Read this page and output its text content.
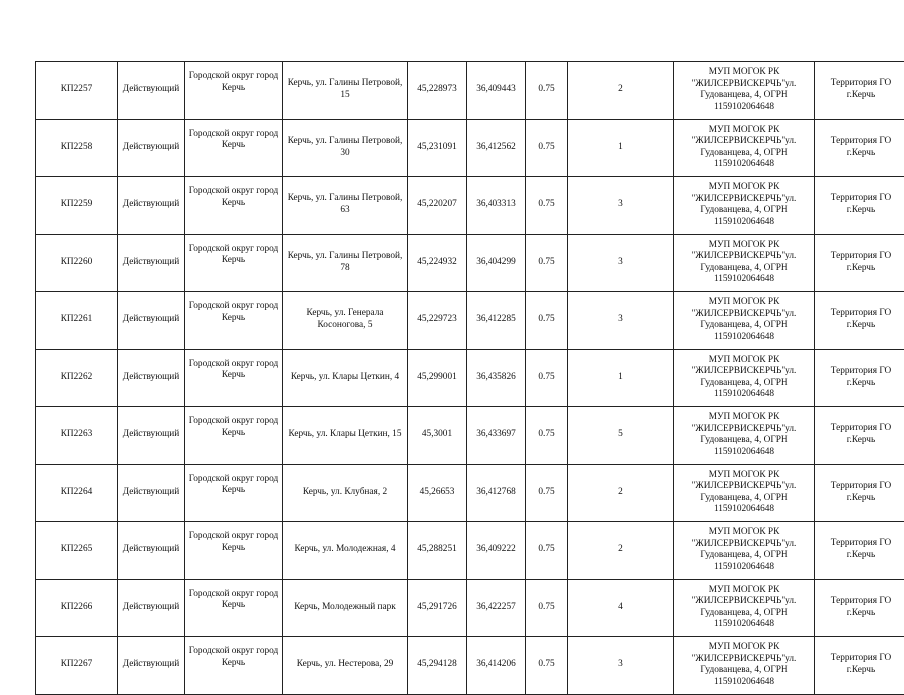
КП2257	Действующий	Городской округ город Керчь	Керчь, ул. Галины Петровой, 15	45,228973	36,409443	0.75	2	МУП МОГОК РК "ЖИЛСЕРВИСКЕРЧЬ"ул. Гудованцева, 4, ОГРН 1159102064648	Территория ГО г.Керчь
КП2258	Действующий	Городской округ город Керчь	Керчь, ул. Галины Петровой, 30	45,231091	36,412562	0.75	1	МУП МОГОК РК "ЖИЛСЕРВИСКЕРЧЬ"ул. Гудованцева, 4, ОГРН 1159102064648	Территория ГО г.Керчь
КП2259	Действующий	Городской округ город Керчь	Керчь, ул. Галины Петровой, 63	45,220207	36,403313	0.75	3	МУП МОГОК РК "ЖИЛСЕРВИСКЕРЧЬ"ул. Гудованцева, 4, ОГРН 1159102064648	Территория ГО г.Керчь
КП2260	Действующий	Городской округ город Керчь	Керчь, ул. Галины Петровой, 78	45,224932	36,404299	0.75	3	МУП МОГОК РК "ЖИЛСЕРВИСКЕРЧЬ"ул. Гудованцева, 4, ОГРН 1159102064648	Территория ГО г.Керчь
КП2261	Действующий	Городской округ город Керчь	Керчь, ул. Генерала Косоногова, 5	45,229723	36,412285	0.75	3	МУП МОГОК РК "ЖИЛСЕРВИСКЕРЧЬ"ул. Гудованцева, 4, ОГРН 1159102064648	Территория ГО г.Керчь
КП2262	Действующий	Городской округ город Керчь	Керчь, ул. Клары Цеткин, 4	45,299001	36,435826	0.75	1	МУП МОГОК РК "ЖИЛСЕРВИСКЕРЧЬ"ул. Гудованцева, 4, ОГРН 1159102064648	Территория ГО г.Керчь
КП2263	Действующий	Городской округ город Керчь	Керчь, ул. Клары Цеткин, 15	45,3001	36,433697	0.75	5	МУП МОГОК РК "ЖИЛСЕРВИСКЕРЧЬ"ул. Гудованцева, 4, ОГРН 1159102064648	Территория ГО г.Керчь
КП2264	Действующий	Городской округ город Керчь	Керчь, ул. Клубная, 2	45,26653	36,412768	0.75	2	МУП МОГОК РК "ЖИЛСЕРВИСКЕРЧЬ"ул. Гудованцева, 4, ОГРН 1159102064648	Территория ГО г.Керчь
КП2265	Действующий	Городской округ город Керчь	Керчь, ул. Молодежная, 4	45,288251	36,409222	0.75	2	МУП МОГОК РК "ЖИЛСЕРВИСКЕРЧЬ"ул. Гудованцева, 4, ОГРН 1159102064648	Территория ГО г.Керчь
КП2266	Действующий	Городской округ город Керчь	Керчь, Молодежный парк	45,291726	36,422257	0.75	4	МУП МОГОК РК "ЖИЛСЕРВИСКЕРЧЬ"ул. Гудованцева, 4, ОГРН 1159102064648	Территория ГО г.Керчь
КП2267	Действующий	Городской округ город Керчь	Керчь, ул. Нестерова, 29	45,294128	36,414206	0.75	3	МУП МОГОК РК "ЖИЛСЕРВИСКЕРЧЬ"ул. Гудованцева, 4, ОГРН 1159102064648	Территория ГО г.Керчь
